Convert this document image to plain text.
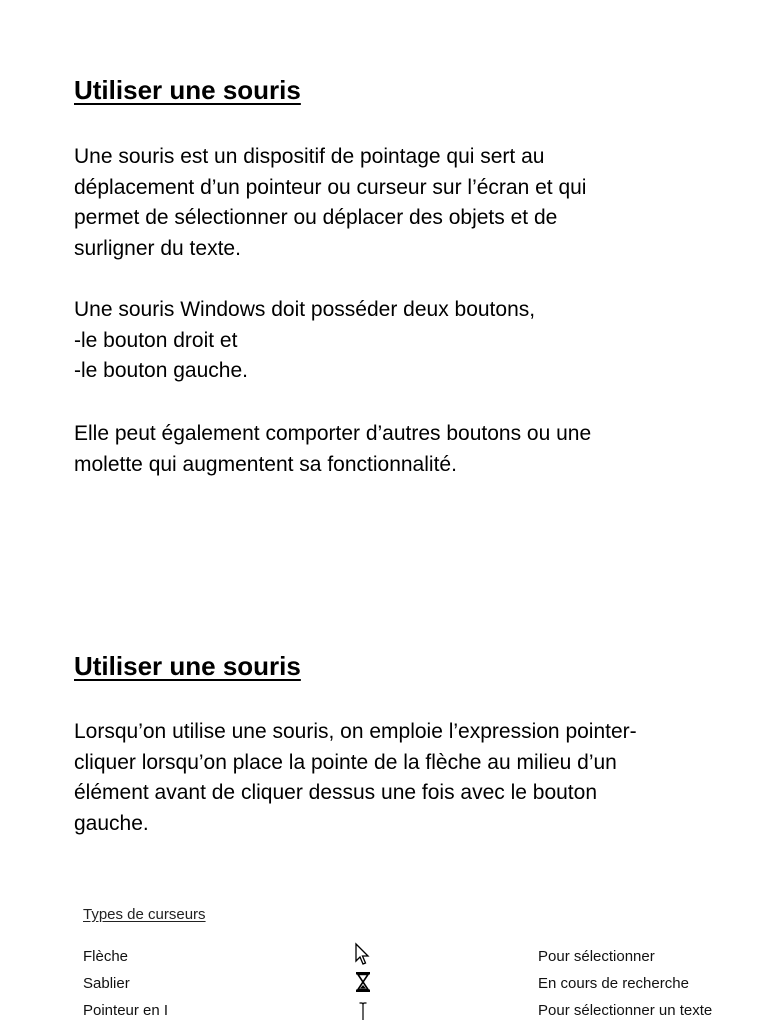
Utiliser une souris

Une souris est un dispositif de pointage qui sert au
déplacement d’un pointeur ou curseur sur l’écran et qui
permet de sélectionner ou déplacer des objets et de
surligner du texte.

Une souris Windows doit posséder deux boutons,
-le bouton droit et
-le bouton gauche.

Elle peut également comporter d’autres boutons ou une
molette qui augmentent sa fonctionnalité.

Utiliser une souris

Lorsqu’on utilise une souris, on emploie l’expression pointer-
cliquer lorsqu’on place la pointe de la flèche au milieu d’un
élément avant de cliquer dessus une fois avec le bouton
gauche.

Types de curseurs
Flèche	Pour sélectionner
Sablier	En cours de recherche
Pointeur en I	Pour sélectionner un texte
